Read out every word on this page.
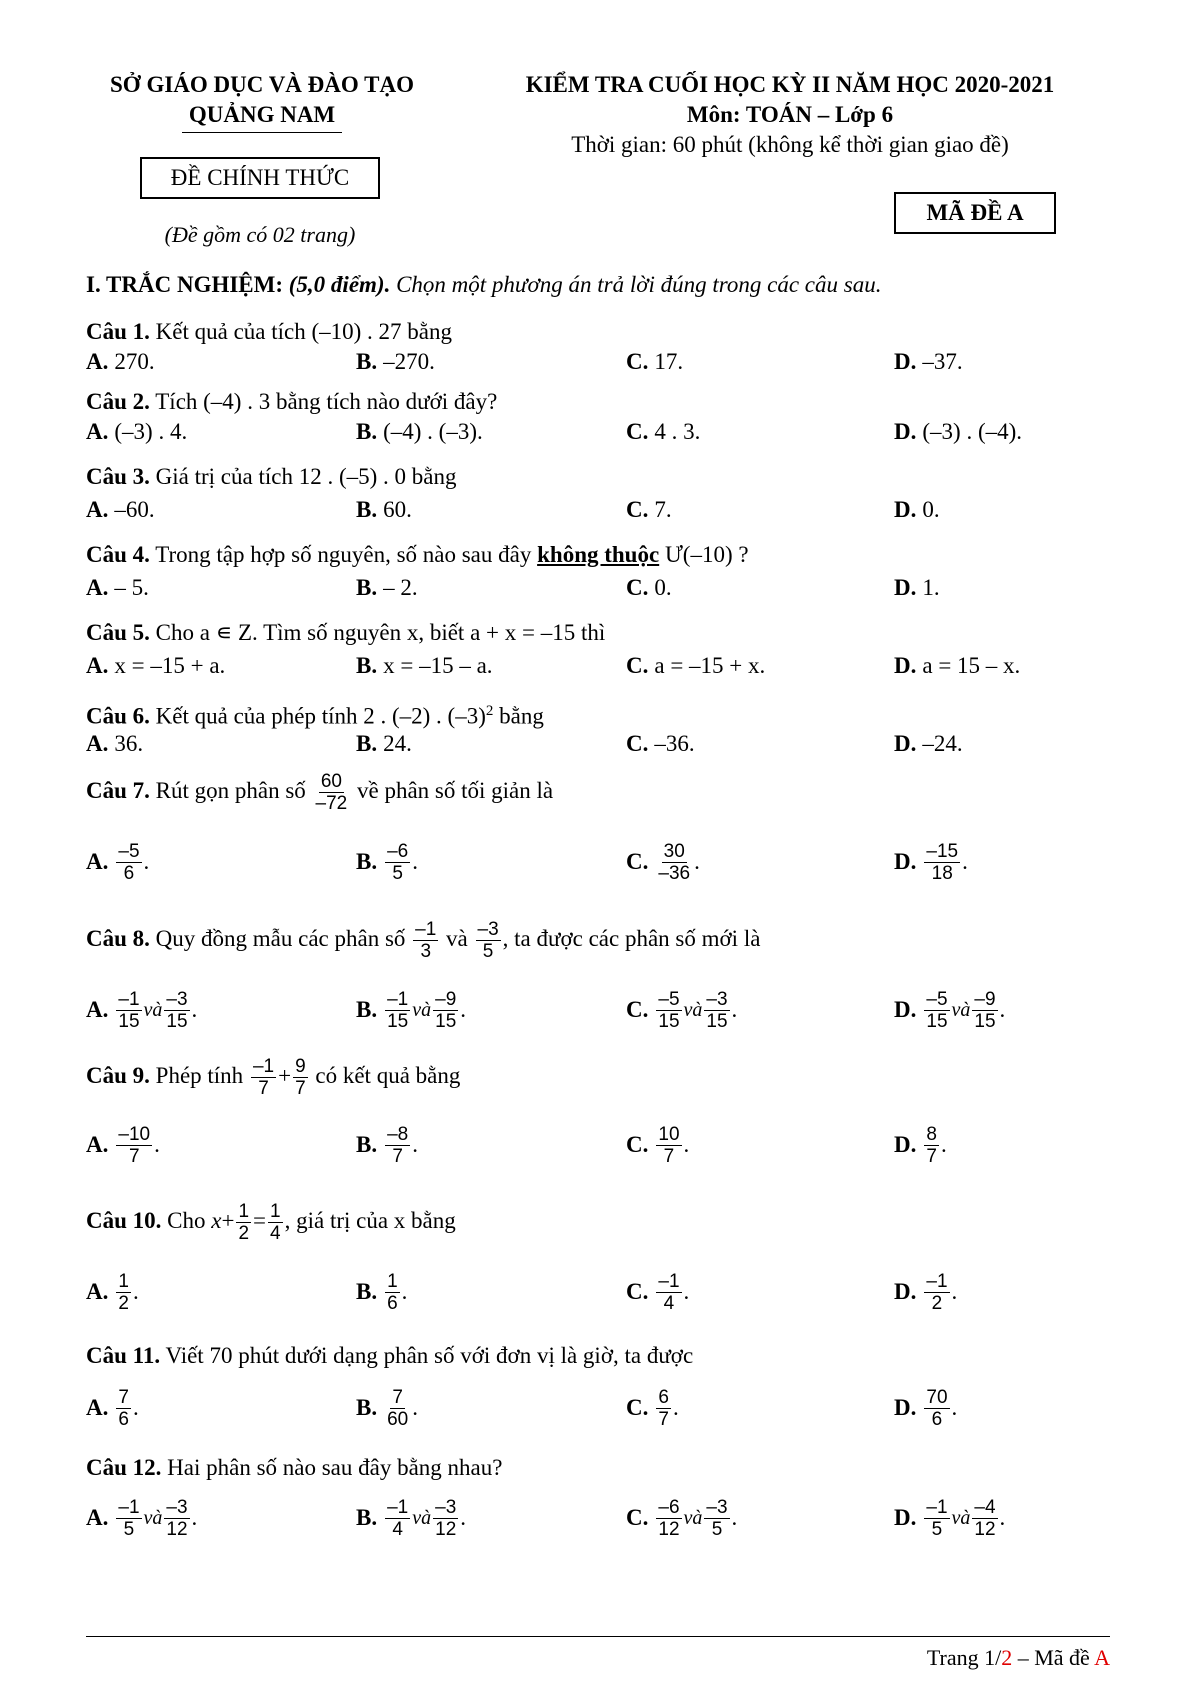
SỞ GIÁO DỤC VÀ ĐÀO TẠO
QUẢNG NAM
ĐỀ CHÍNH THỨC
(Đề gồm có 02 trang)
KIỂM TRA CUỐI HỌC KỲ II NĂM HỌC 2020-2021
Môn: TOÁN – Lớp 6
Thời gian: 60 phút (không kể thời gian giao đề)
MÃ ĐỀ A
I. TRẮC NGHIỆM: (5,0 điểm). Chọn một phương án trả lời đúng trong các câu sau.
Câu 1. Kết quả của tích (–10) . 27 bằng
A. 270.	B. –270.	C. 17.	D. –37.
Câu 2. Tích (–4) . 3 bằng tích nào dưới đây?
A. (–3) . 4.	B. (–4) . (–3).	C. 4 . 3.	D. (–3) . (–4).
Câu 3. Giá trị của tích 12 . (–5) . 0 bằng
A. –60.	B. 60.	C. 7.	D. 0.
Câu 4. Trong tập hợp số nguyên, số nào sau đây không thuộc Ư(–10) ?
A. – 5.	B. – 2.	C. 0.	D. 1.
Câu 5. Cho a ∊ Z. Tìm số nguyên x, biết a + x = –15 thì
A. x = –15 + a.	B. x = –15 – a.	C. a = –15 + x.	D. a = 15 – x.
Câu 6. Kết quả của phép tính 2 . (–2) . $(-3)^2$ bằng
A. 36.	B. 24.	C. –36.	D. –24.
Câu 7. Rút gọn phân số $\frac{60}{-72}$ về phân số tối giản là
A. $\frac{-5}{6}$ .	B. $\frac{-6}{5}$ .	C. $\frac{30}{-36}$ .	D. $\frac{-15}{18}$ .
Câu 8. Quy đồng mẫu các phân số $\frac{-1}{3}$ và $\frac{-3}{5}$ , ta được các phân số mới là
A. $\frac{-1}{15}$ và $\frac{-3}{15}$ .	B. $\frac{-1}{15}$ và $\frac{-9}{15}$ .	C. $\frac{-5}{15}$ và $\frac{-3}{15}$ .	D. $\frac{-5}{15}$ và $\frac{-9}{15}$ .
Câu 9. Phép tính $\frac{-1}{7} + \frac{9}{7}$ có kết quả bằng
A. $\frac{-10}{7}$ .	B. $\frac{-8}{7}$ .	C. $\frac{10}{7}$ .	D. $\frac{8}{7}$ .
Câu 10. Cho $x+ \frac{1}{2} = \frac{1}{4}$ , giá trị của x bằng
A. $\frac{1}{2}$ .	B. $\frac{1}{6}$ .	C. $\frac{-1}{4}$ .	D. $\frac{-1}{2}$ .
Câu 11. Viết 70 phút dưới dạng phân số với đơn vị là giờ, ta được
A. $\frac{7}{6}$ .	B. $\frac{7}{60}$ .	C. $\frac{6}{7}$ .	D. $\frac{70}{6}$ .
Câu 12. Hai phân số nào sau đây bằng nhau?
A. $\frac{-1}{5}$ và $\frac{-3}{12}$ .	B. $\frac{-1}{4}$ và $\frac{-3}{12}$ .	C. $\frac{-6}{12}$ và $\frac{-3}{5}$ .	D. $\frac{-1}{5}$ và $\frac{-4}{12}$ .
Trang 1/2 – Mã đề A
